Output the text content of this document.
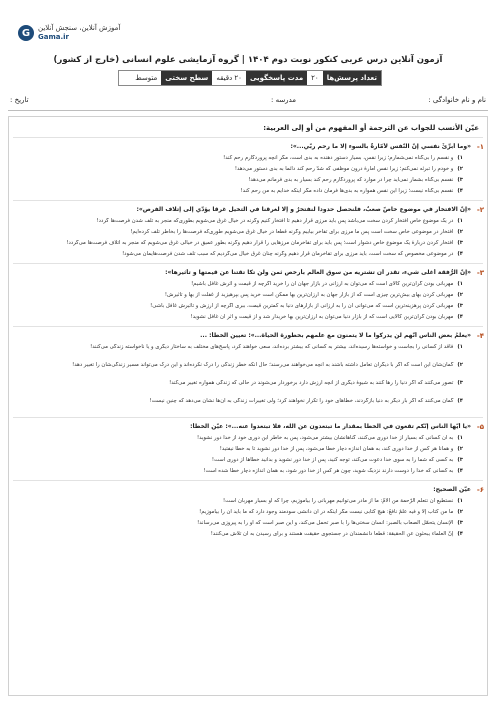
G	آموزش آنلاین، سنجش آنلاین
Gama.ir
آزمون آنلاین درس عربی کنکور نوبت دوم ۱۴۰۴ | گروه آزمایشی علوم انسانی (خارج از کشور)
تعداد پرسش‌ها
۲۰
مدت پاسخگویی
۲۰ دقیقه
سطح سختی
متوسط
نام و نام خانوادگی :
مدرسه :
تاریخ :
عیّن الأنسب للجواب عن الترجمة أو المفهوم من أو إلى العربیة:
۱-
«وما أُبرِّئُ نفسي إنّ النّفس لأمّارةٌ بالسوء إلّا ما رحم ربّي...»:
۱)و نفسم را بی‌گناه نمی‌شمارم؛ زیرا نفس، بسیار دستور دهنده به بدی است، مگر آنچه پروردگارم رحم کند!
۲)و خودم را تبرئه نمی‌کنم؛ زیرا نفس امارهٔ درون موظفی که شدّ رحم کند دائماً به بدی دستور می‌دهد!
۳)نفسم بی‌گناه بشمار نمی‌آید چرا در موارد که پروردگارم رحم کند بسیار به بدی فرمانم می‌دهد!
۴)نفسم بی‌گناه نیست؛ زیرا این نفس همواره به بدی‌ها فرمان داده مگر اینکه خدایم به من رحم کند!
۲-
«إنّ الافتخار في موضوع خاصّ صعبٌ، فلنحصل حدوداً لنفتخرُ و إلّا لغرقنا في التخيل غرقاً يؤدّي إلى إتلاف الفرص»:
۱)در یک موضوع خاص افتخار کردن سخت می‌باشد پس باید مرزی قرار دهیم تا افتخار کنیم وگرنه در خیال غرق می‌شویم بطوری‌که منجر به تلف شدن فرصت‌ها گردد!
۲)افتخار در موضوعی خاص سخت است پس ما مرزی برای تفاخر بیابیم وگرنه قطعاً در خیال غرق می‌شویم طوری‌که فرصت‌ها را بخاطر تلف کرده‌ایم!
۳)افتخار کردن دربارهٔ یک موضوع خاص دشوار است؛ پس باید برای تفاخرمان مرزهایی را قرار دهیم وگرنه بطور عمیق در خیالی غرق می‌شویم که منجر به اتلاف فرصت‌ها می‌گردد!
۴)در موضوعی مخصوص که سخت است، باید مرزی برای تفاخرمان قرار دهیم وگرنه چنان غرق خیال می‌گردیم که سبب تلف شدن فرصت‌هایمان می‌شود!
۳-
«إنّ الرُّفقة أغلى شيء، تقدر أن تشتريه من سوق العالم بأرخص ثمن ولن تكا تقتنا عن قيمتها و تأثيرها»:
۱)مهربانی بودن گران‌ترین کالای است که می‌توان به ارزانی در بازار جهان آن را خرید اگرچه از قیمت و اثرش غافل باشیم!
۲)مهربانی کردن بهای بیش‌ترین چیزی است که از بازار جهان به ارزان‌ترین بها ممکن است خرید پس بپرهیزید از غفلت از بها و تأثیرش!
۳)مهربانی کردن پرهزینه‌ترین است که می‌توانی آن را به ارزانی از بازارهای دنیا به کمترین قیمت، ببری اگرچه از ارزش و تأثیرش غافل باشی!
۴)مهربان بودن گران‌ترین کالایی است که از بازار دنیا می‌توان به ارزان‌ترین بها خریدار شد و از قیمت و اثر آن غافل نشوید!
۴-
«یعلمُ بعض الناس أنّهم لن يدركوا ما لا يتمنون مع علمهم بخطورة الحياة...»: تعیین الخطأ: ...
۱)فاقد از کسانی را بجاست و خواسته‌ها رسیده‌اند، بیشتر به کسانی که بیشتر برده‌اند، سعی خواهند کرد، پاسخ‌های مختلف به ساختار دیگری و یا ناخواسته زندگی می‌کنند!
۲)گمان‌شان این است که اگر با دیگران تعامل داشته باشند به آنچه می‌خواهند می‌رسند؛ حال آنکه خطر زندگی را درک نکرده‌اند و این درک می‌تواند مسیر زندگی‌شان را تغییر دهد!
۳)تصور می‌کنند که اگر دنیا را رها کنند به شیوهٔ دیگری از آنچه ارزش دارد برخوردار می‌شوند در حالی که زندگی همواره تغییر می‌کند!
۴)گمان می‌کنند که اگر بار دیگر به دنیا بازگردند، خطاهای خود را تکرار نخواهند کرد؛ ولی تغییرات زندگی به آن‌ها نشان می‌دهد که چنین نیست!
۵-
«یا أیّها الناس إنّكم تقعون في الخطأ بمقدار ما تبتعدون عن الله، فلا تبتعدوا عنه...»: عیّن الخطأ:
۱)به آن کسانی که بسیار از خدا دوری می‌کنند، گناهانشان بیشتر می‌شود، پس به خاطر این دوری خود از خدا دور نشوید!
۲)و همانا هر کس از خدا دوری کند، به همان اندازه دچار خطا می‌شود، پس از خدا دور نشوید تا به خطا نیفتید!
۳)به کسی که شما را به سوی خدا دعوت می‌کند، توجه کنید، پس از خدا دور نشوید و بدانید خطاها از دوری است!
۴)به کسانی که خدا را دوست دارند نزدیک شوید، چون هر کس از خدا دور شود، به همان اندازه دچار خطا شده است!
۶-
عیّن الصحیح:
۱)نستطیع أن نتعلّم الرّحمة من الأمّ: ما از مادر می‌توانیم مهربانی را بیاموزیم، چرا که او بسیار مهربان است!
۲)ما من كتاب إلّا و فيه علمٌ نافعٌ: هیچ کتابی نیست مگر اینکه در آن دانشی سودمند وجود دارد که ما باید آن را بیاموزیم!
۳)الإنسان يتحمّل الصعاب بالصبر: انسان سختی‌ها را با صبر تحمل می‌کند، و این صبر است که او را به پیروزی می‌رساند!
۴)إنّ العلماء يبحثون عن الحقيقة: قطعاً دانشمندان در جستجوی حقیقت هستند و برای رسیدن به آن تلاش می‌کنند!
